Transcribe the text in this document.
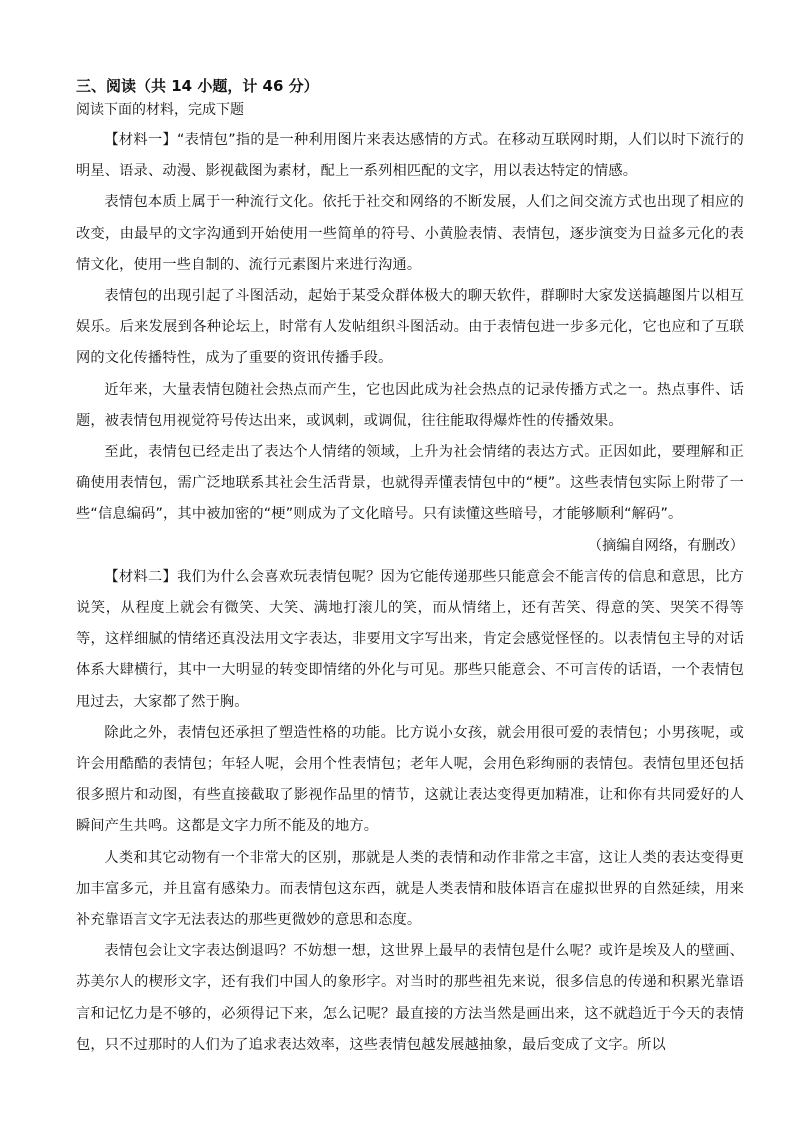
三、阅读（共 14 小题，计 46 分）
阅读下面的材料，完成下题

【材料一】“表情包”指的是一种利用图片来表达感情的方式。在移动互联网时期，人们以时下流行的明星、语录、动漫、影视截图为素材，配上一系列相匹配的文字，用以表达特定的情感。

表情包本质上属于一种流行文化。依托于社交和网络的不断发展，人们之间交流方式也出现了相应的改变，由最早的文字沟通到开始使用一些简单的符号、小黄脸表情、表情包，逐步演变为日益多元化的表情文化，使用一些自制的、流行元素图片来进行沟通。

表情包的出现引起了斗图活动，起始于某受众群体极大的聊天软件，群聊时大家发送搞趣图片以相互娱乐。后来发展到各种论坛上，时常有人发帖组织斗图活动。由于表情包进一步多元化，它也应和了互联网的文化传播特性，成为了重要的资讯传播手段。

近年来，大量表情包随社会热点而产生，它也因此成为社会热点的记录传播方式之一。热点事件、话题，被表情包用视觉符号传达出来，或讽刺，或调侃，往往能取得爆炸性的传播效果。

至此，表情包已经走出了表达个人情绪的领域，上升为社会情绪的表达方式。正因如此，要理解和正确使用表情包，需广泛地联系其社会生活背景，也就得弄懂表情包中的“梗”。这些表情包实际上附带了一些“信息编码”，其中被加密的“梗”则成为了文化暗号。只有读懂这些暗号，才能够顺利“解码”。

（摘编自网络，有删改）

【材料二】我们为什么会喜欢玩表情包呢？因为它能传递那些只能意会不能言传的信息和意思，比方说笑，从程度上就会有微笑、大笑、满地打滚儿的笑，而从情绪上，还有苦笑、得意的笑、哭笑不得等等，这样细腻的情绪还真没法用文字表达，非要用文字写出来，肯定会感觉怪怪的。以表情包主导的对话体系大肆横行，其中一大明显的转变即情绪的外化与可见。那些只能意会、不可言传的话语，一个表情包甩过去，大家都了然于胸。

除此之外，表情包还承担了塑造性格的功能。比方说小女孩，就会用很可爱的表情包；小男孩呢，或许会用酷酷的表情包；年轻人呢，会用个性表情包；老年人呢，会用色彩绚丽的表情包。表情包里还包括很多照片和动图，有些直接截取了影视作品里的情节，这就让表达变得更加精准，让和你有共同爱好的人瞬间产生共鸣。这都是文字力所不能及的地方。

人类和其它动物有一个非常大的区别，那就是人类的表情和动作非常之丰富，这让人类的表达变得更加丰富多元，并且富有感染力。而表情包这东西，就是人类表情和肢体语言在虚拟世界的自然延续，用来补充靠语言文字无法表达的那些更微妙的意思和态度。

表情包会让文字表达倒退吗？不妨想一想，这世界上最早的表情包是什么呢？或许是埃及人的壁画、苏美尔人的楔形文字，还有我们中国人的象形字。对当时的那些祖先来说，很多信息的传递和积累光靠语言和记忆力是不够的，必须得记下来，怎么记呢？最直接的方法当然是画出来，这不就趋近于今天的表情包，只不过那时的人们为了追求表达效率，这些表情包越发展越抽象，最后变成了文字。所以
